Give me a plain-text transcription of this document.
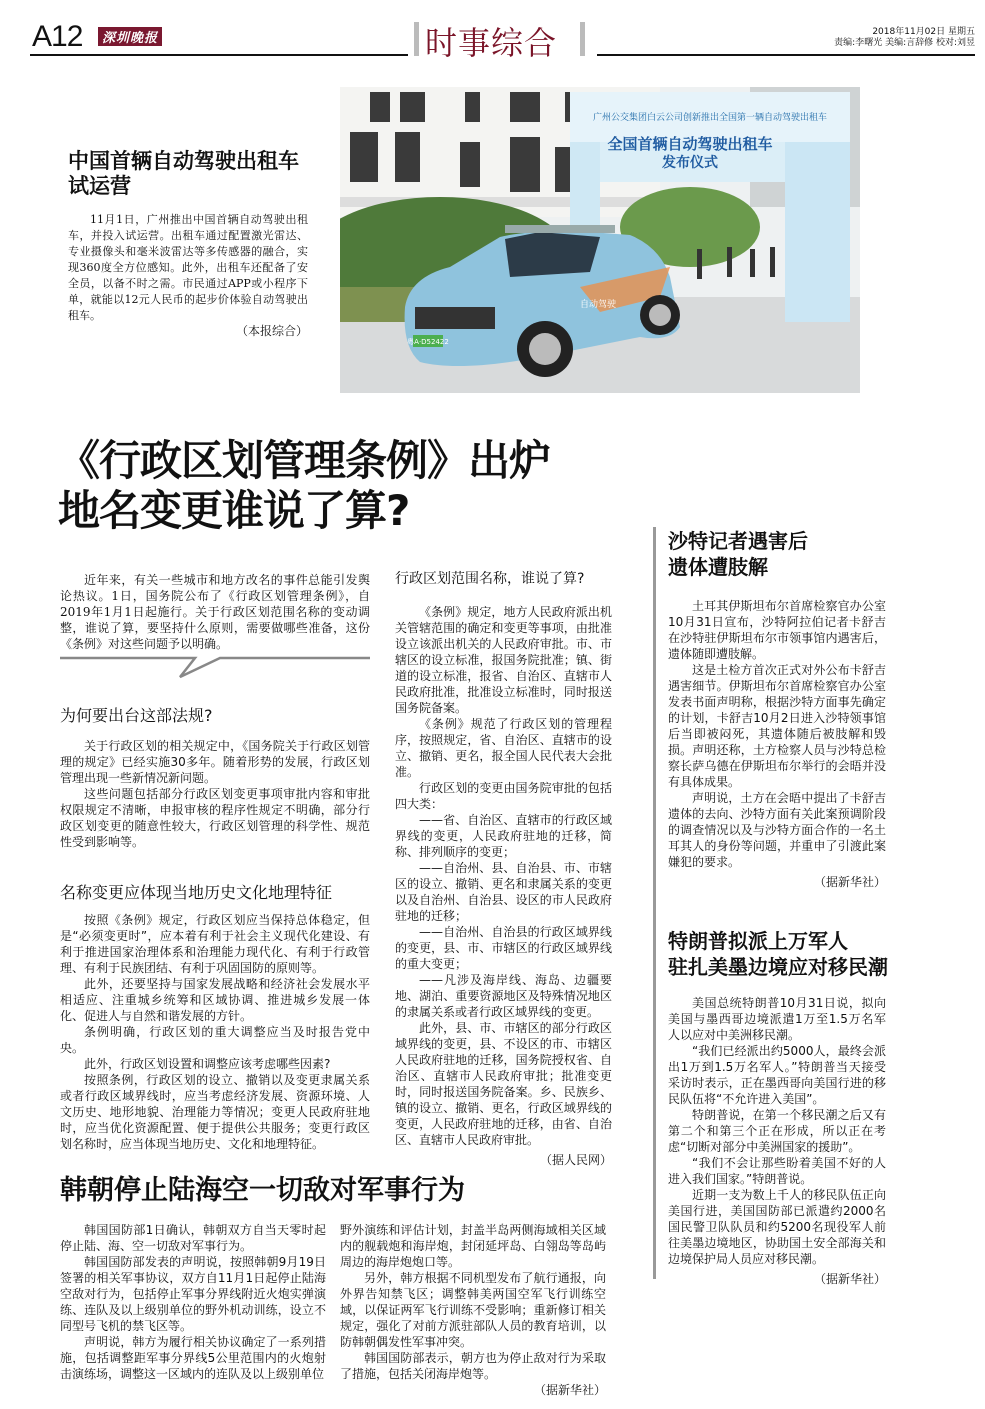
A12	深圳晚报	时事综合	2018年11月02日 星期五
责编:李曙光 美编:言辞修 校对:刘昱
中国首辆自动驾驶出租车
试运营

11月1日，广州推出中国首辆自动驾驶出租车，并投入试运营。出租车通过配置激光雷达、专业摄像头和毫米波雷达等多传感器的融合，实现360度全方位感知。此外，出租车还配备了安全员，以备不时之需。市民通过APP或小程序下单，就能以12元人民币的起步价体验自动驾驶出租车。

（本报综合）
广州公交集团白云公司创新推出全国第一辆自动驾驶出租车
全国首辆自动驾驶出租车
发布仪式
粤A·D52422
自动驾驶
《行政区划管理条例》出炉
地名变更谁说了算?

近年来，有关一些城市和地方改名的事件总能引发舆论热议。1日，国务院公布了《行政区划管理条例》，自2019年1月1日起施行。关于行政区划范围名称的变动调整，谁说了算，要坚持什么原则，需要做哪些准备，这份《条例》对这些问题予以明确。

为何要出台这部法规?

关于行政区划的相关规定中，《国务院关于行政区划管理的规定》已经实施30多年。随着形势的发展，行政区划管理出现一些新情况新问题。

这些问题包括部分行政区划变更事项审批内容和审批权限规定不清晰，申报审核的程序性规定不明确，部分行政区划变更的随意性较大，行政区划管理的科学性、规范性受到影响等。

名称变更应体现当地历史文化地理特征

按照《条例》规定，行政区划应当保持总体稳定，但是“必须变更时”，应本着有利于社会主义现代化建设、有利于推进国家治理体系和治理能力现代化、有利于行政管理、有利于民族团结、有利于巩固国防的原则等。

此外，还要坚持与国家发展战略和经济社会发展水平相适应、注重城乡统筹和区域协调、推进城乡发展一体化、促进人与自然和谐发展的方针。

条例明确，行政区划的重大调整应当及时报告党中央。

此外，行政区划设置和调整应该考虑哪些因素?

按照条例，行政区划的设立、撤销以及变更隶属关系或者行政区域界线时，应当考虑经济发展、资源环境、人文历史、地形地貌、治理能力等情况；变更人民政府驻地时，应当优化资源配置、便于提供公共服务；变更行政区划名称时，应当体现当地历史、文化和地理特征。

行政区划范围名称，谁说了算?

《条例》规定，地方人民政府派出机关管辖范围的确定和变更等事项，由批准设立该派出机关的人民政府审批。市、市辖区的设立标准，报国务院批准；镇、街道的设立标准，报省、自治区、直辖市人民政府批准，批准设立标准时，同时报送国务院备案。

《条例》规范了行政区划的管理程序，按照规定，省、自治区、直辖市的设立、撤销、更名，报全国人民代表大会批准。

行政区划的变更由国务院审批的包括四大类：

——省、自治区、直辖市的行政区域界线的变更，人民政府驻地的迁移，简称、排列顺序的变更；

——自治州、县、自治县、市、市辖区的设立、撤销、更名和隶属关系的变更以及自治州、自治县、设区的市人民政府驻地的迁移；

——自治州、自治县的行政区域界线的变更，县、市、市辖区的行政区域界线的重大变更；

——凡涉及海岸线、海岛、边疆要地、湖泊、重要资源地区及特殊情况地区的隶属关系或者行政区域界线的变更。

此外，县、市、市辖区的部分行政区域界线的变更，县、不设区的市、市辖区人民政府驻地的迁移，国务院授权省、自治区、直辖市人民政府审批；批准变更时，同时报送国务院备案。乡、民族乡、镇的设立、撤销、更名，行政区域界线的变更，人民政府驻地的迁移，由省、自治区、直辖市人民政府审批。

（据人民网）
沙特记者遇害后
遗体遭肢解

土耳其伊斯坦布尔首席检察官办公室10月31日宣布，沙特阿拉伯记者卡舒吉在沙特驻伊斯坦布尔市领事馆内遇害后，遗体随即遭肢解。

这是土检方首次正式对外公布卡舒吉遇害细节。伊斯坦布尔首席检察官办公室发表书面声明称，根据沙特方面事先确定的计划，卡舒吉10月2日进入沙特领事馆后当即被闷死，其遗体随后被肢解和毁损。声明还称，土方检察人员与沙特总检察长萨乌德在伊斯坦布尔举行的会晤并没有具体成果。

声明说，土方在会晤中提出了卡舒吉遗体的去向、沙特方面有关此案预调阶段的调查情况以及与沙特方面合作的一名土耳其人的身份等问题，并重申了引渡此案嫌犯的要求。

（据新华社）
特朗普拟派上万军人
驻扎美墨边境应对移民潮

美国总统特朗普10月31日说，拟向美国与墨西哥边境派遣1万至1.5万名军人以应对中美洲移民潮。

“我们已经派出约5000人，最终会派出1万到1.5万名军人。”特朗普当天接受采访时表示，正在墨西哥向美国行进的移民队伍将“不允许进入美国”。

特朗普说，在第一个移民潮之后又有第二个和第三个正在形成，所以正在考虑“切断对部分中美洲国家的援助”。

“我们不会让那些盼着美国不好的人进入我们国家。”特朗普说。

近期一支为数上千人的移民队伍正向美国行进，美国国防部已派遣约2000名国民警卫队队员和约5200名现役军人前往美墨边境地区，协助国土安全部海关和边境保护局人员应对移民潮。

（据新华社）
韩朝停止陆海空一切敌对军事行为

韩国国防部1日确认，韩朝双方自当天零时起停止陆、海、空一切敌对军事行为。

韩国国防部发表的声明说，按照韩朝9月19日签署的相关军事协议，双方自11月1日起停止陆海空敌对行为，包括停止军事分界线附近火炮实弹演练、连队及以上级别单位的野外机动训练，设立不同型号飞机的禁飞区等。

声明说，韩方为履行相关协议确定了一系列措施，包括调整距军事分界线5公里范围内的火炮射击演练场，调整这一区域内的连队及以上级别单位

野外演练和评估计划，封盖半岛两侧海域相关区域内的舰载炮和海岸炮，封闭延坪岛、白翎岛等岛屿周边的海岸炮炮口等。

另外，韩方根据不同机型发布了航行通报，向外界告知禁飞区；调整韩美两国空军飞行训练空域，以保证两军飞行训练不受影响；重新修订相关规定，强化了对前方派驻部队人员的教育培训，以防韩朝偶发性军事冲突。

韩国国防部表示，朝方也为停止敌对行为采取了措施，包括关闭海岸炮等。

（据新华社）
